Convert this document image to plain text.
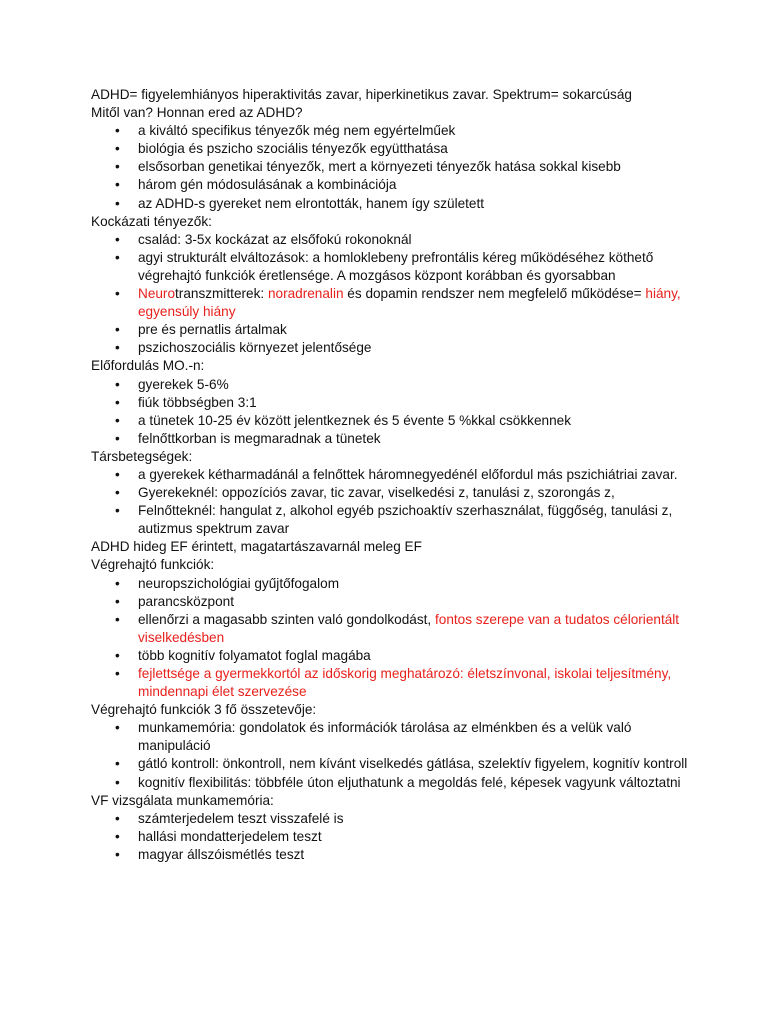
ADHD= figyelemhiányos hiperaktivitás zavar, hiperkinetikus zavar. Spektrum= sokarcúság
Mitől van? Honnan ered az ADHD?
• a kiváltó specifikus tényezők még nem egyértelműek
• biológia és pszicho szociális tényezők együtthatása
• elsősorban genetikai tényezők, mert a környezeti tényezők hatása sokkal kisebb
• három gén módosulásának a kombinációja
• az ADHD-s gyereket nem elrontották, hanem így született
Kockázati tényezők:
• család: 3-5x kockázat az elsőfokú rokonoknál
• agyi strukturált elváltozások: a homloklebeny prefrontális kéreg működéséhez köthető végrehajtó funkciók éretlensége. A mozgásos központ korábban és gyorsabban
• Neurotranszmitterek: noradrenalin és dopamin rendszer nem megfelelő működése= hiány, egyensúly hiány
• pre és pernatlis ártalmak
• pszichoszociális környezet jelentősége
Előfordulás MO.-n:
• gyerekek 5-6%
• fiúk többségben 3:1
• a tünetek 10-25 év között jelentkeznek és 5 évente 5 %kkal csökkennek
• felnőttkorban is megmaradnak a tünetek
Társbetegségek:
• a gyerekek kétharmadánál a felnőttek háromnegyedénél előfordul más pszichiátriai zavar.
• Gyerekeknél: oppozíciós zavar, tic zavar, viselkedési z, tanulási z, szorongás z,
• Felnőtteknél: hangulat z, alkohol egyéb pszichoaktív szerhasználat, függőség, tanulási z, autizmus spektrum zavar
ADHD hideg EF érintett, magatartászavarnál meleg EF
Végrehajtó funkciók:
• neuropszichológiai gyűjtőfogalom
• parancsközpont
• ellenőrzi a magasabb szinten való gondolkodást, fontos szerepe van a tudatos célorientált viselkedésben
• több kognitív folyamatot foglal magába
• fejlettsége a gyermekkortól az időskorig meghatározó: életszínvonal, iskolai teljesítmény, mindennapi élet szervezése
Végrehajtó funkciók 3 fő összetevője:
• munkamemória: gondolatok és információk tárolása az elménkben és a velük való manipuláció
• gátló kontroll: önkontroll, nem kívánt viselkedés gátlása, szelektív figyelem, kognitív kontroll
• kognitív flexibilitás: többféle úton eljuthatunk a megoldás felé, képesek vagyunk változtatni
VF vizsgálata munkamemória:
• számterjedelem teszt visszafelé is
• hallási mondatterjedelem teszt
• magyar állszóismétlés teszt
